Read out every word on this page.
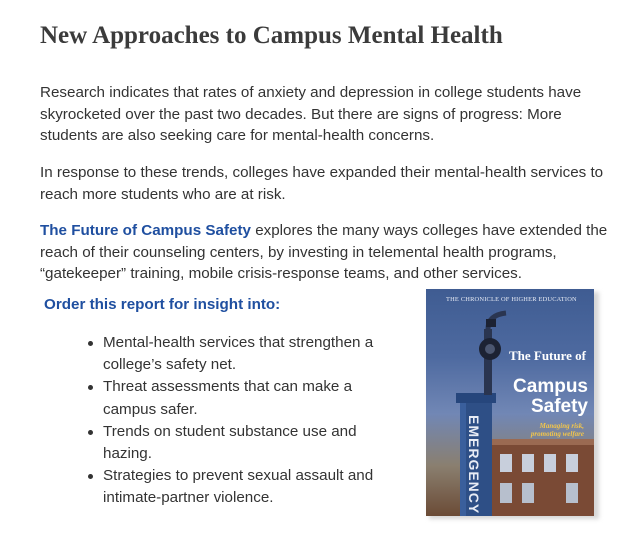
New Approaches to Campus Mental Health

Research indicates that rates of anxiety and depression in college students have skyrocketed over the past two decades. But there are signs of progress: More students are also seeking care for mental-health concerns.

In response to these trends, colleges have expanded their mental-health services to reach more students who are at risk.

The Future of Campus Safety explores the many ways colleges have extended the reach of their counseling centers, by investing in telemental health programs, “gatekeeper” training, mobile crisis-response teams, and other services.

Order this report for insight into:
Mental-health services that strengthen a college’s safety net.
Threat assessments that can make a campus safer.
Trends on student substance use and hazing.
Strategies to prevent sexual assault and intimate-partner violence.
THE CHRONICLE OF HIGHER EDUCATION
The Future of
Campus Safety
Managing risk, promoting welfare
EMERGENCY
